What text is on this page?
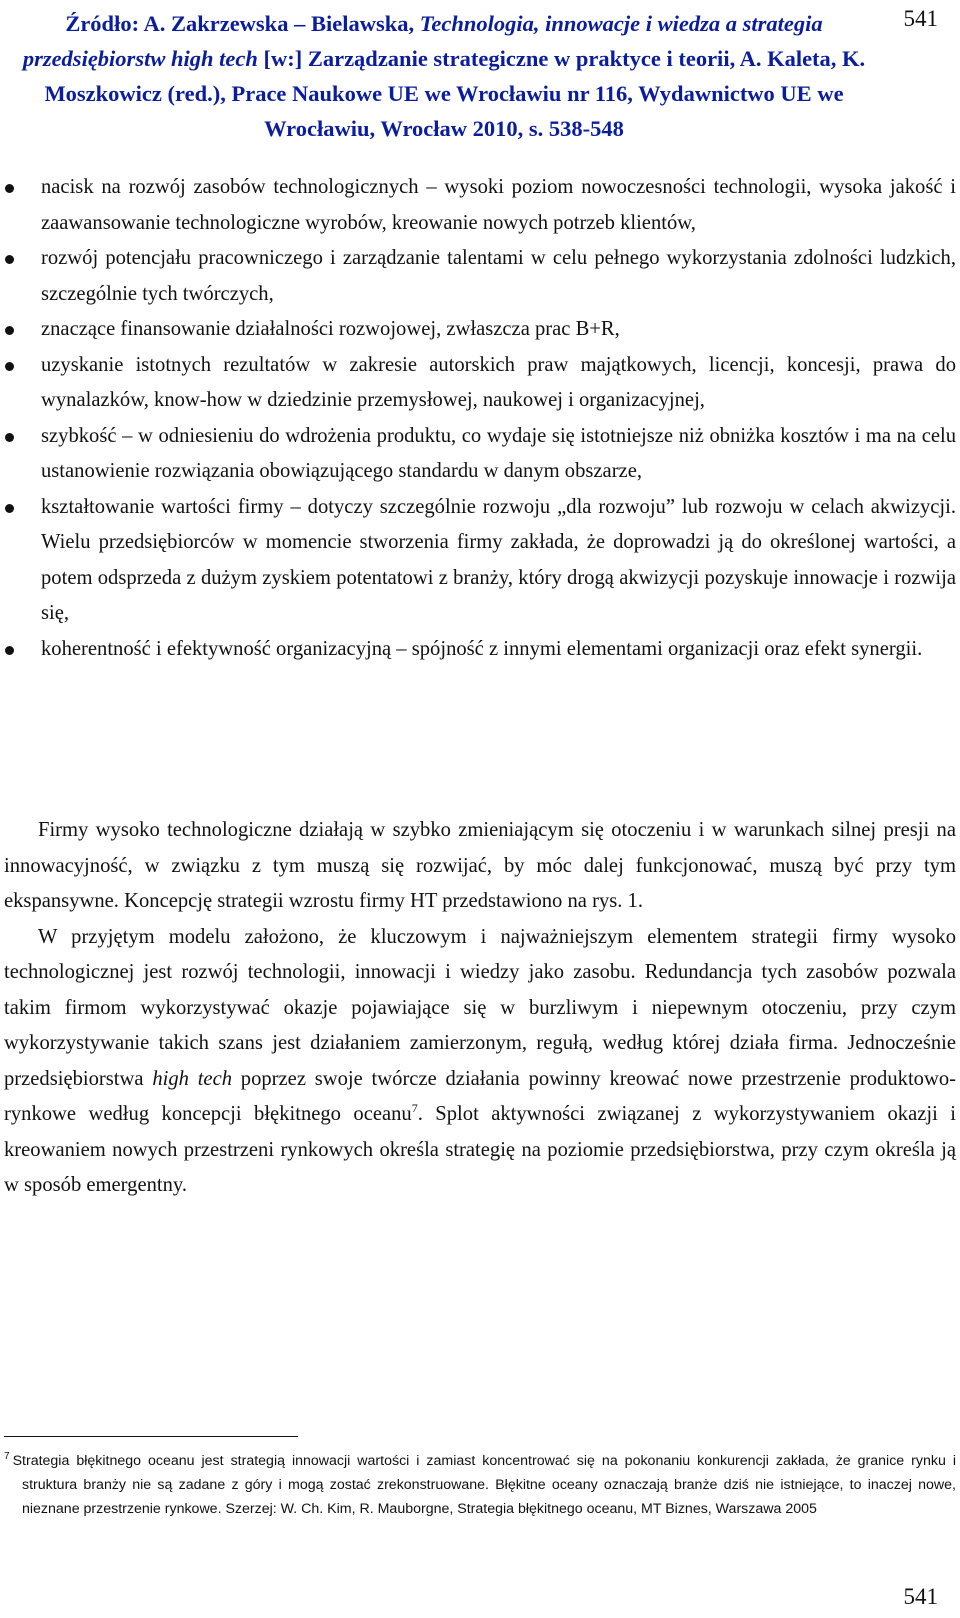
541
Źródło: A. Zakrzewska – Bielawska, Technologia, innowacje i wiedza a strategia przedsiębiorstw high tech [w:] Zarządzanie strategiczne w praktyce i teorii, A. Kaleta, K. Moszkowicz (red.), Prace Naukowe UE we Wrocławiu nr 116, Wydawnictwo UE we Wrocławiu, Wrocław 2010, s. 538-548
nacisk na rozwój zasobów technologicznych – wysoki poziom nowoczesności technologii, wysoka jakość i zaawansowanie technologiczne wyrobów, kreowanie nowych potrzeb klientów,
rozwój potencjału pracowniczego i zarządzanie talentami w celu pełnego wykorzystania zdolności ludzkich, szczególnie tych twórczych,
znaczące finansowanie działalności rozwojowej, zwłaszcza prac B+R,
uzyskanie istotnych rezultatów w zakresie autorskich praw majątkowych, licencji, koncesji, prawa do wynalazków, know-how w dziedzinie przemysłowej, naukowej i organizacyjnej,
szybkość – w odniesieniu do wdrożenia produktu, co wydaje się istotniejsze niż obniżka kosztów i ma na celu ustanowienie rozwiązania obowiązującego standardu w danym obszarze,
kształtowanie wartości firmy – dotyczy szczególnie rozwoju „dla rozwoju” lub rozwoju w celach akwizycji. Wielu przedsiębiorców w momencie stworzenia firmy zakłada, że doprowadzi ją do określonej wartości, a potem odsprzeda z dużym zyskiem potentatowi z branży, który drogą akwizycji pozyskuje innowacje i rozwija się,
koherentność i efektywność organizacyjną – spójność z innymi elementami organizacji oraz efekt synergii.

Firmy wysoko technologiczne działają w szybko zmieniającym się otoczeniu i w warunkach silnej presji na innowacyjność, w związku z tym muszą się rozwijać, by móc dalej funkcjonować, muszą być przy tym ekspansywne. Koncepcję strategii wzrostu firmy HT przedstawiono na rys. 1.

W przyjętym modelu założono, że kluczowym i najważniejszym elementem strategii firmy wysoko technologicznej jest rozwój technologii, innowacji i wiedzy jako zasobu. Redundancja tych zasobów pozwala takim firmom wykorzystywać okazje pojawiające się w burzliwym i niepewnym otoczeniu, przy czym wykorzystywanie takich szans jest działaniem zamierzonym, regułą, według której działa firma. Jednocześnie przedsiębiorstwa high tech poprzez swoje twórcze działania powinny kreować nowe przestrzenie produktowo-rynkowe według koncepcji błękitnego oceanu$^7$. Splot aktywności związanej z wykorzystywaniem okazji i kreowaniem nowych przestrzeni rynkowych określa strategię na poziomie przedsiębiorstwa, przy czym określa ją w sposób emergentny.

$^7$ Strategia błękitnego oceanu jest strategią innowacji wartości i zamiast koncentrować się na pokonaniu konkurencji zakłada, że granice rynku i struktura branży nie są zadane z góry i mogą zostać zrekonstruowane. Błękitne oceany oznaczają branże dziś nie istniejące, to inaczej nowe, nieznane przestrzenie rynkowe. Szerzej: W. Ch. Kim, R. Mauborgne, Strategia błękitnego oceanu, MT Biznes, Warszawa 2005
541
